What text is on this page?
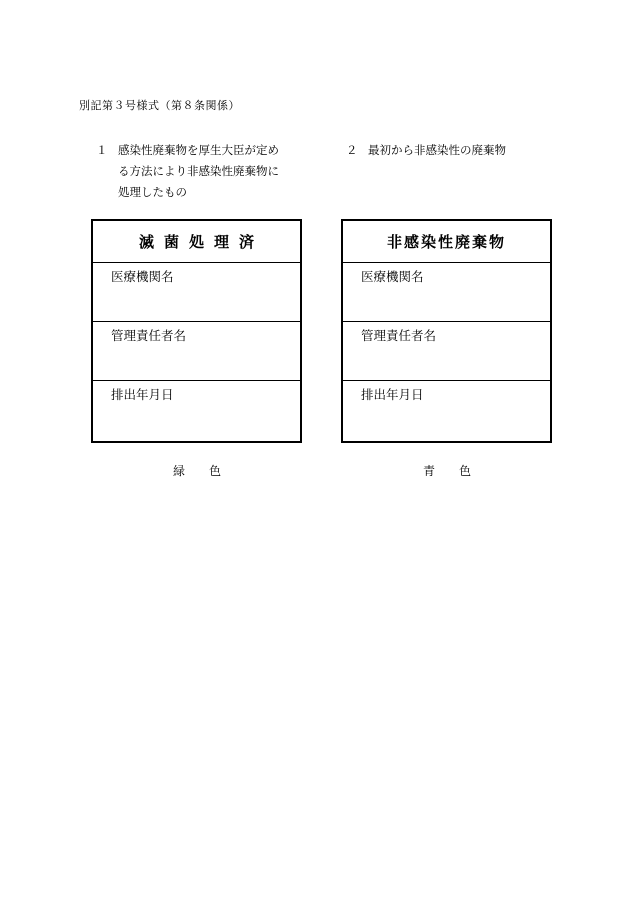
別記第３号様式（第８条関係）
１ 感染性廃棄物を厚生大臣が定め
る方法により非感染性廃棄物に
処理したもの
２ 最初から非感染性の廃棄物
滅菌処理済
医療機関名
管理責任者名
排出年月日
非感染性廃棄物
医療機関名
管理責任者名
排出年月日
緑色	青色
